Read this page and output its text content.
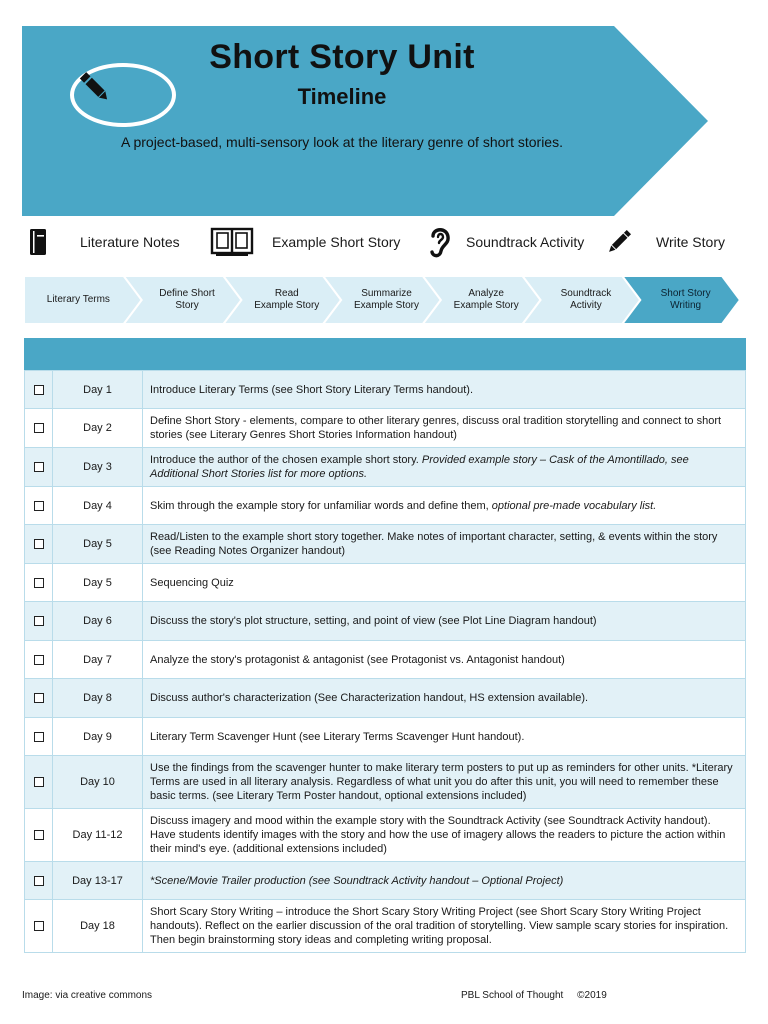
Short Story Unit
Timeline
A project-based, multi-sensory look at the literary genre of short stories.
Literature Notes	Example Short Story	Soundtrack Activity	Write Story
Literary Terms
Define Short
Story
Read
Example Story
Summarize
Example Story
Analyze
Example Story
Soundtrack
Activity
Short Story
Writing
	Day 1	Introduce Literary Terms (see Short Story Literary Terms handout).
	Day 2	Define Short Story - elements, compare to other literary genres, discuss oral tradition storytelling and connect to short stories (see Literary Genres Short Stories Information handout)
	Day 3	Introduce the author of the chosen example short story. Provided example story – Cask of the Amontillado, see Additional Short Stories list for more options.
	Day 4	Skim through the example story for unfamiliar words and define them, optional pre-made vocabulary list.
	Day 5	Read/Listen to the example short story together. Make notes of important character, setting, & events within the story (see Reading Notes Organizer handout)
	Day 5	Sequencing Quiz
	Day 6	Discuss the story's plot structure, setting, and point of view (see Plot Line Diagram handout)
	Day 7	Analyze the story's protagonist & antagonist (see Protagonist vs. Antagonist handout)
	Day 8	Discuss author's characterization (See Characterization handout, HS extension available).
	Day 9	Literary Term Scavenger Hunt (see Literary Terms Scavenger Hunt handout).
	Day 10	Use the findings from the scavenger hunter to make literary term posters to put up as reminders for other units. *Literary Terms are used in all literary analysis. Regardless of what unit you do after this unit, you will need to remember these basic terms. (see Literary Term Poster handout, optional extensions included)
	Day 11-12	Discuss imagery and mood within the example story with the Soundtrack Activity (see Soundtrack Activity handout). Have students identify images with the story and how the use of imagery allows the readers to picture the action within their mind's eye. (additional extensions included)
	Day 13-17	*Scene/Movie Trailer production (see Soundtrack Activity handout – Optional Project)
	Day 18	Short Scary Story Writing – introduce the Short Scary Story Writing Project (see Short Scary Story Writing Project handouts). Reflect on the earlier discussion of the oral tradition of storytelling. View sample scary stories for inspiration. Then begin brainstorming story ideas and completing writing proposal.
Image: via creative commons	PBL School of Thought     ©2019
